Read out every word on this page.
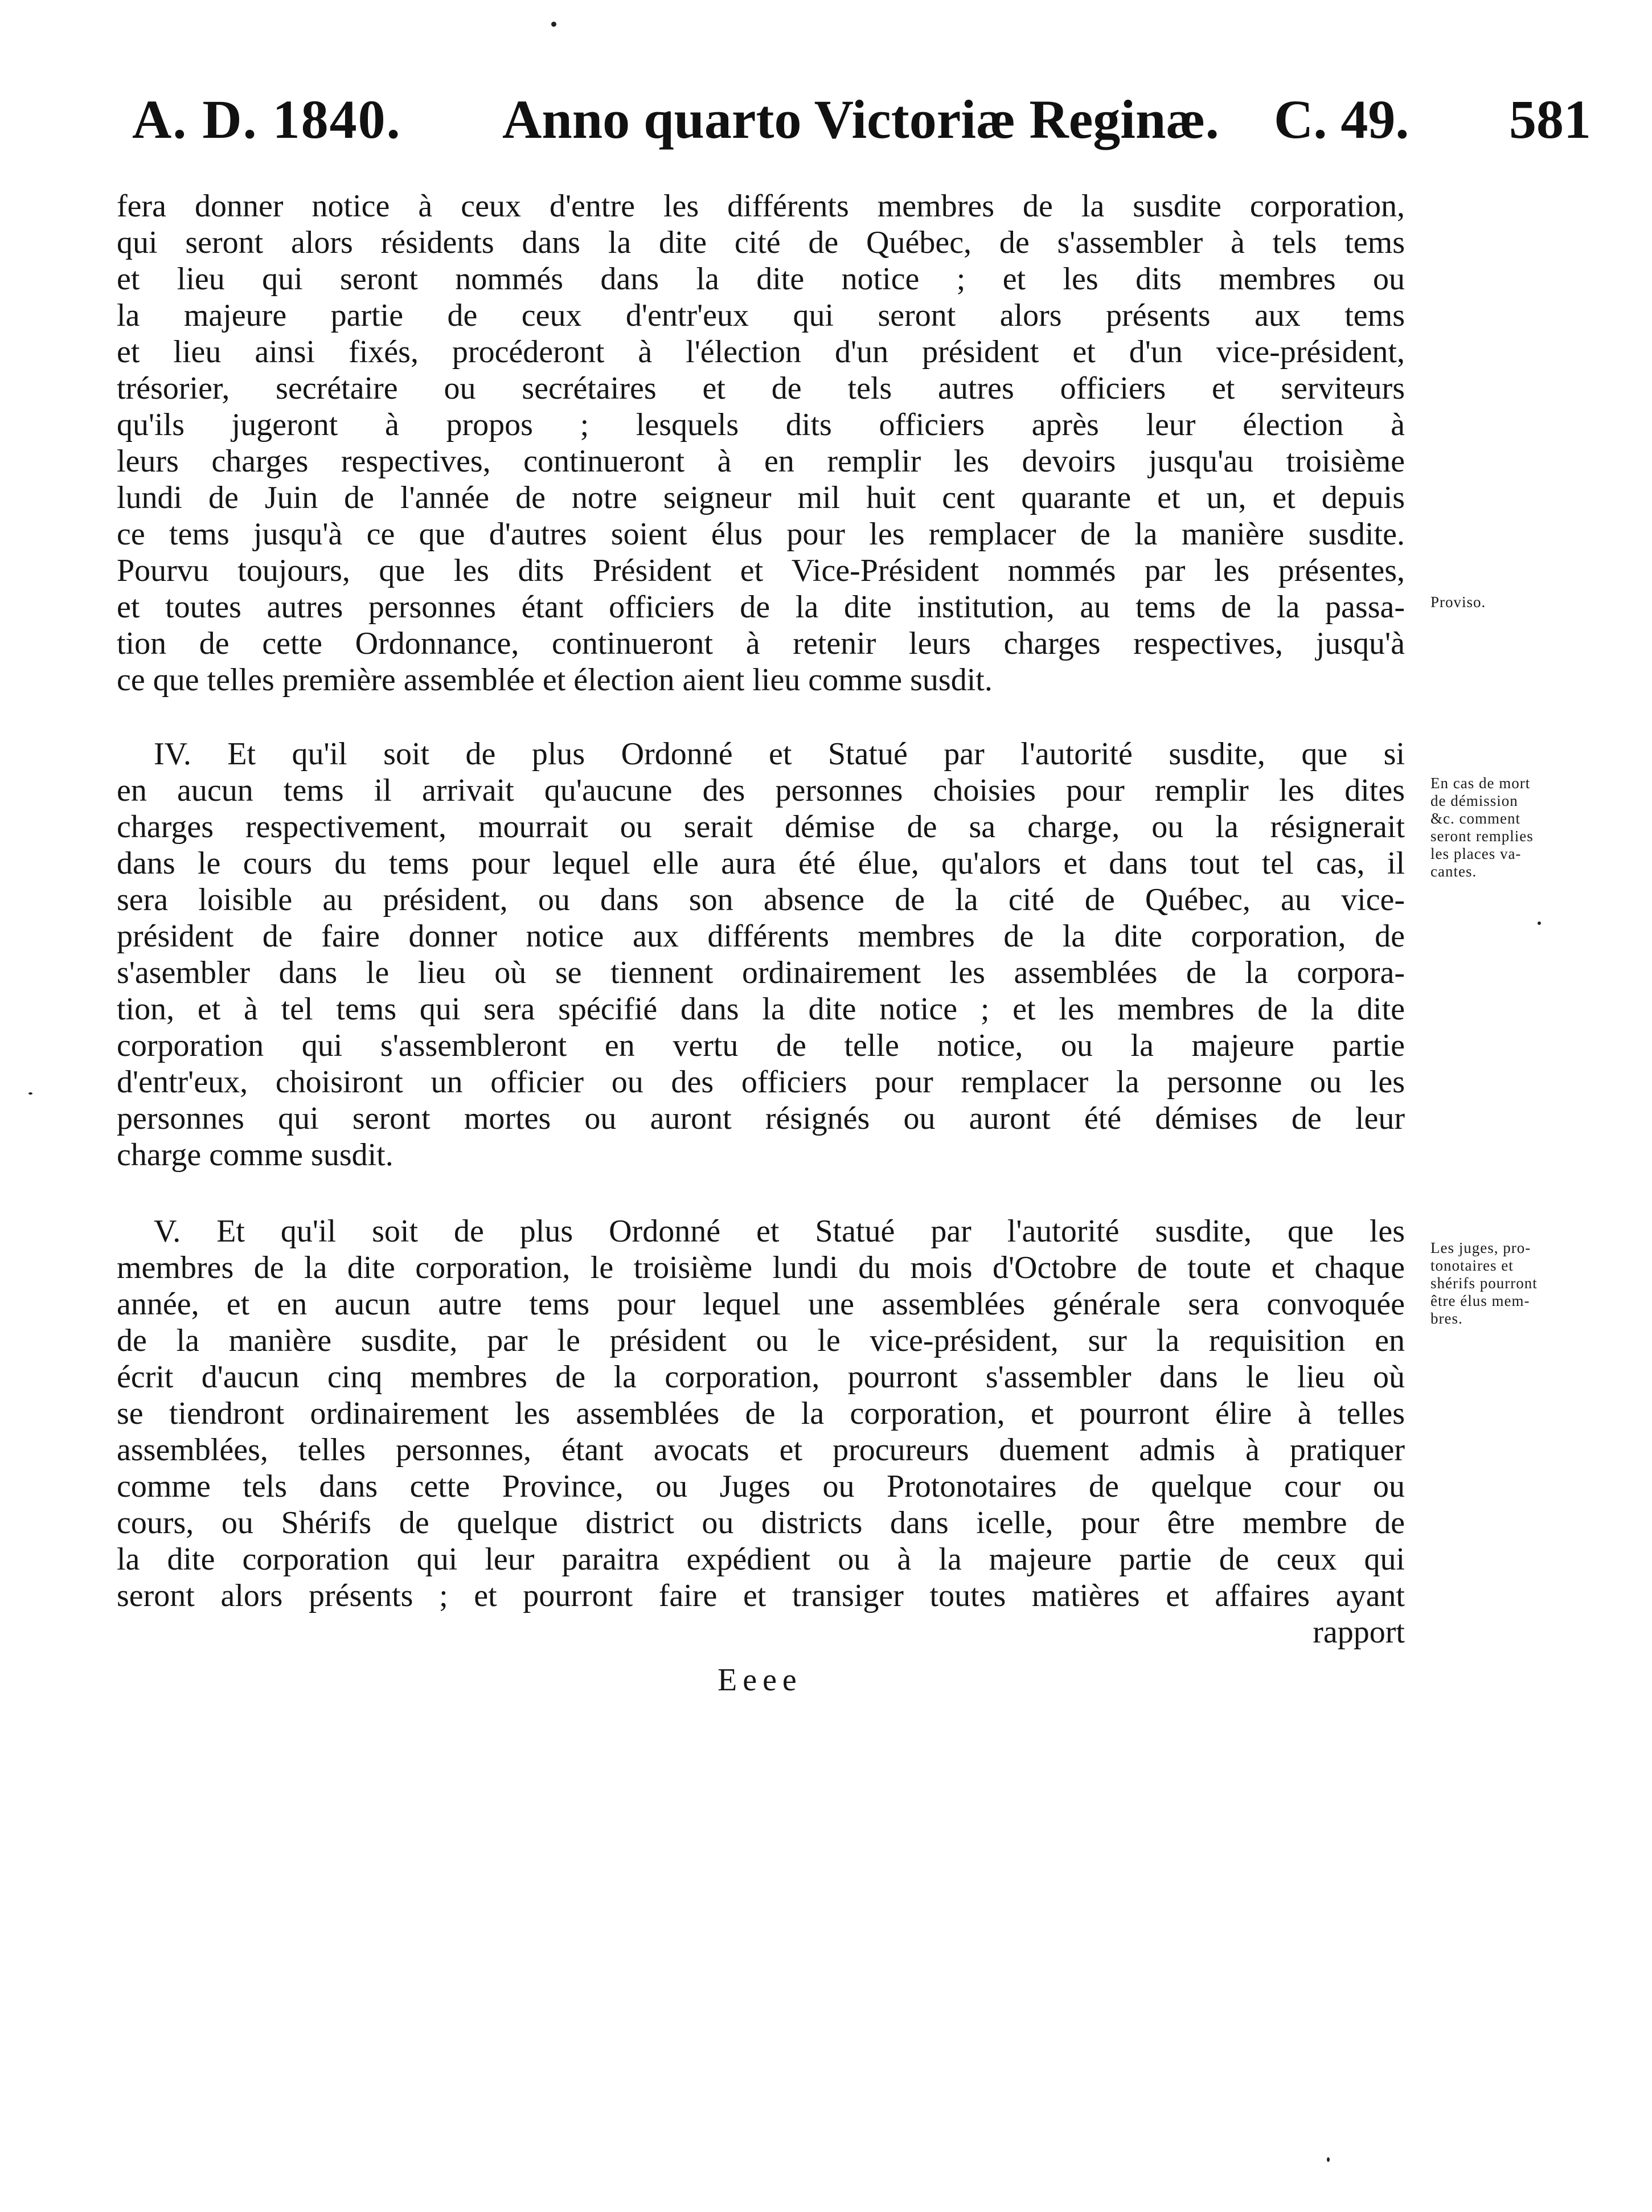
A. D. 1840. Anno quarto Victoriæ Reginæ. C. 49. 581
fera donner notice à ceux d'entre les différents membres de la susdite corporation,
qui seront alors résidents dans la dite cité de Québec, de s'assembler à tels tems
et lieu qui seront nommés dans la dite notice ; et les dits membres ou
la majeure partie de ceux d'entr'eux qui seront alors présents aux tems
et lieu ainsi fixés, procéderont à l'élection d'un président et d'un vice-président,
trésorier, secrétaire ou secrétaires et de tels autres officiers et serviteurs
qu'ils jugeront à propos ; lesquels dits officiers après leur élection à
leurs charges respectives, continueront à en remplir les devoirs jusqu'au troisième
lundi de Juin de l'année de notre seigneur mil huit cent quarante et un, et depuis
ce tems jusqu'à ce que d'autres soient élus pour les remplacer de la manière susdite.
Pourvu toujours, que les dits Président et Vice-Président nommés par les présentes,
et toutes autres personnes étant officiers de la dite institution, au tems de la passa-
tion de cette Ordonnance, continueront à retenir leurs charges respectives, jusqu'à
ce que telles première assemblée et élection aient lieu comme susdit.
IV. Et qu'il soit de plus Ordonné et Statué par l'autorité susdite, que si
en aucun tems il arrivait qu'aucune des personnes choisies pour remplir les dites
charges respectivement, mourrait ou serait démise de sa charge, ou la résignerait
dans le cours du tems pour lequel elle aura été élue, qu'alors et dans tout tel cas, il
sera loisible au président, ou dans son absence de la cité de Québec, au vice-
président de faire donner notice aux différents membres de la dite corporation, de
s'asembler dans le lieu où se tiennent ordinairement les assemblées de la corpora-
tion, et à tel tems qui sera spécifié dans la dite notice ; et les membres de la dite
corporation qui s'assembleront en vertu de telle notice, ou la majeure partie
d'entr'eux, choisiront un officier ou des officiers pour remplacer la personne ou les
personnes qui seront mortes ou auront résignés ou auront été démises de leur
charge comme susdit.
V. Et qu'il soit de plus Ordonné et Statué par l'autorité susdite, que les
membres de la dite corporation, le troisième lundi du mois d'Octobre de toute et chaque
année, et en aucun autre tems pour lequel une assemblées générale sera convoquée
de la manière susdite, par le président ou le vice-président, sur la requisition en
écrit d'aucun cinq membres de la corporation, pourront s'assembler dans le lieu où
se tiendront ordinairement les assemblées de la corporation, et pourront élire à telles
assemblées, telles personnes, étant avocats et procureurs duement admis à pratiquer
comme tels dans cette Province, ou Juges ou Protonotaires de quelque cour ou
cours, ou Shérifs de quelque district ou districts dans icelle, pour être membre de
la dite corporation qui leur paraitra expédient ou à la majeure partie de ceux qui
seront alors présents ; et pourront faire et transiger toutes matières et affaires ayant
rapport
Eeee
Proviso.
En cas de mort
de démission
&c. comment
seront remplies
les places va-
cantes.
Les juges, pro-
tonotaires et
shérifs pourront
être élus mem-
bres.
